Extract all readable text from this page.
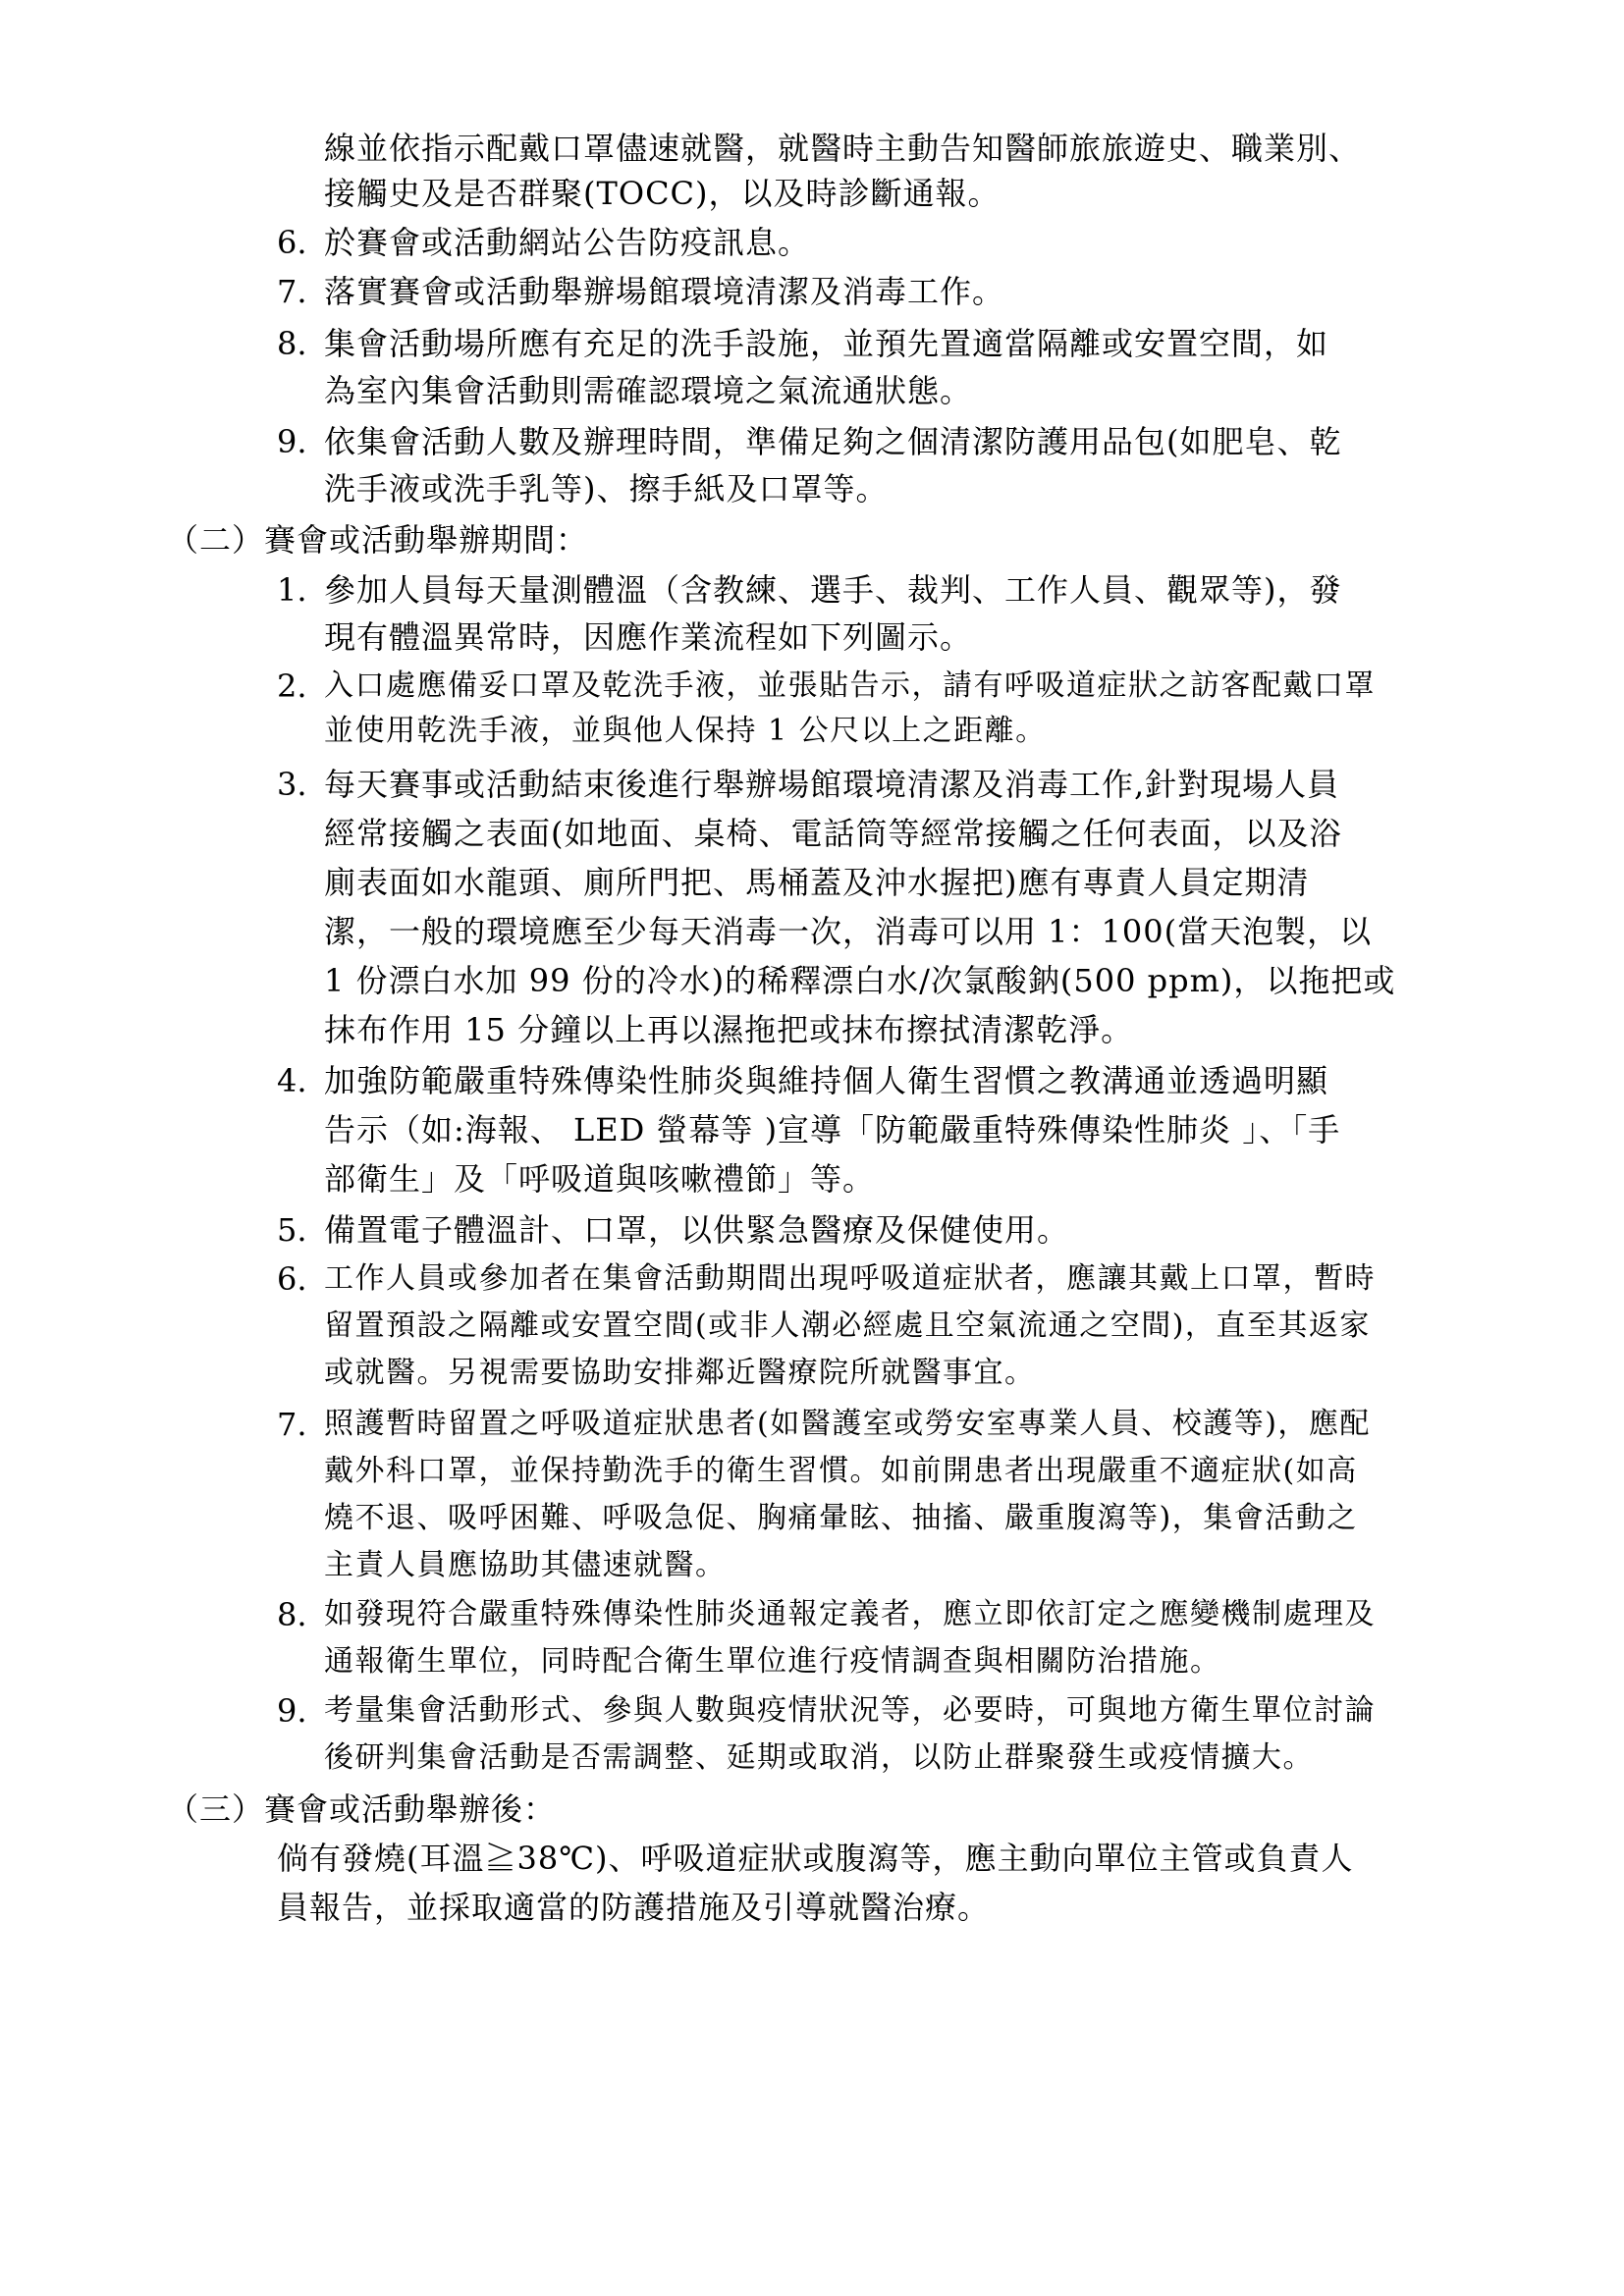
線並依指示配戴口罩儘速就醫，就醫時主動告知醫師旅旅遊史、職業別、
接觸史及是否群聚(TOCC)，以及時診斷通報。
6. 於賽會或活動網站公告防疫訊息。
7. 落實賽會或活動舉辦場館環境清潔及消毒工作。
8. 集會活動場所應有充足的洗手設施，並預先置適當隔離或安置空間，如
為室內集會活動則需確認環境之氣流通狀態。
9. 依集會活動人數及辦理時間，準備足夠之個清潔防護用品包(如肥皂、乾
洗手液或洗手乳等)、擦手紙及口罩等。
（二）賽會或活動舉辦期間：
1. 參加人員每天量測體溫（含教練、選手、裁判、工作人員、觀眾等)，發
現有體溫異常時，因應作業流程如下列圖示。
2. 入口處應備妥口罩及乾洗手液，並張貼告示，請有呼吸道症狀之訪客配戴口罩
並使用乾洗手液，並與他人保持 1 公尺以上之距離。
3. 每天賽事或活動結束後進行舉辦場館環境清潔及消毒工作,針對現場人員
經常接觸之表面(如地面、桌椅、電話筒等經常接觸之任何表面，以及浴
廁表面如水龍頭、廁所門把、馬桶蓋及沖水握把)應有專責人員定期清
潔，一般的環境應至少每天消毒一次，消毒可以用 1：100(當天泡製，以
1 份漂白水加 99 份的冷水)的稀釋漂白水/次氯酸鈉(500 ppm)，以拖把或
抹布作用 15 分鐘以上再以濕拖把或抹布擦拭清潔乾淨。
4. 加強防範嚴重特殊傳染性肺炎與維持個人衛生習慣之教溝通並透過明顯
告示（如:海報、 LED 螢幕等 )宣導「防範嚴重特殊傳染性肺炎 」、「手
部衛生」及「呼吸道與咳嗽禮節」等。
5. 備置電子體溫計、口罩，以供緊急醫療及保健使用。
6. 工作人員或參加者在集會活動期間出現呼吸道症狀者，應讓其戴上口罩，暫時
留置預設之隔離或安置空間(或非人潮必經處且空氣流通之空間)，直至其返家
或就醫。另視需要協助安排鄰近醫療院所就醫事宜。
7. 照護暫時留置之呼吸道症狀患者(如醫護室或勞安室專業人員、校護等)，應配
戴外科口罩，並保持勤洗手的衛生習慣。如前開患者出現嚴重不適症狀(如高
燒不退、吸呼困難、呼吸急促、胸痛暈眩、抽搐、嚴重腹瀉等)，集會活動之
主責人員應協助其儘速就醫。
8. 如發現符合嚴重特殊傳染性肺炎通報定義者，應立即依訂定之應變機制處理及
通報衛生單位，同時配合衛生單位進行疫情調查與相關防治措施。
9. 考量集會活動形式、參與人數與疫情狀況等，必要時，可與地方衛生單位討論
後研判集會活動是否需調整、延期或取消，以防止群聚發生或疫情擴大。
（三）賽會或活動舉辦後：
倘有發燒(耳溫≧38℃)、呼吸道症狀或腹瀉等，應主動向單位主管或負責人
員報告，並採取適當的防護措施及引導就醫治療。
